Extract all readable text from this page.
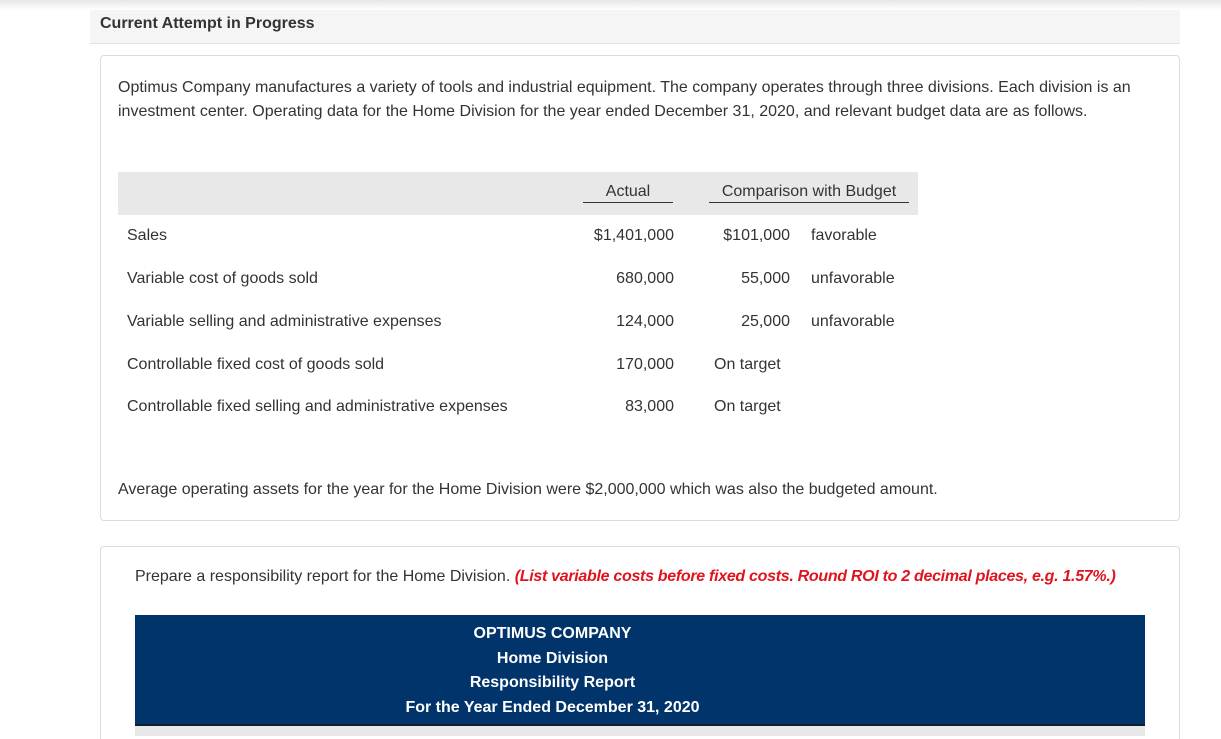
Current Attempt in Progress

Optimus Company manufactures a variety of tools and industrial equipment. The company operates through three divisions. Each division is an investment center. Operating data for the Home Division for the year ended December 31, 2020, and relevant budget data are as follows.

Actual	Comparison with Budget
Sales	$1,401,000	$101,000 favorable
Variable cost of goods sold	680,000	55,000 unfavorable
Variable selling and administrative expenses	124,000	25,000 unfavorable
Controllable fixed cost of goods sold	170,000	On target
Controllable fixed selling and administrative expenses	83,000	On target

Average operating assets for the year for the Home Division were $2,000,000 which was also the budgeted amount.

Prepare a responsibility report for the Home Division. (List variable costs before fixed costs. Round ROI to 2 decimal places, e.g. 1.57%.)

OPTIMUS COMPANY
Home Division
Responsibility Report
For the Year Ended December 31, 2020
